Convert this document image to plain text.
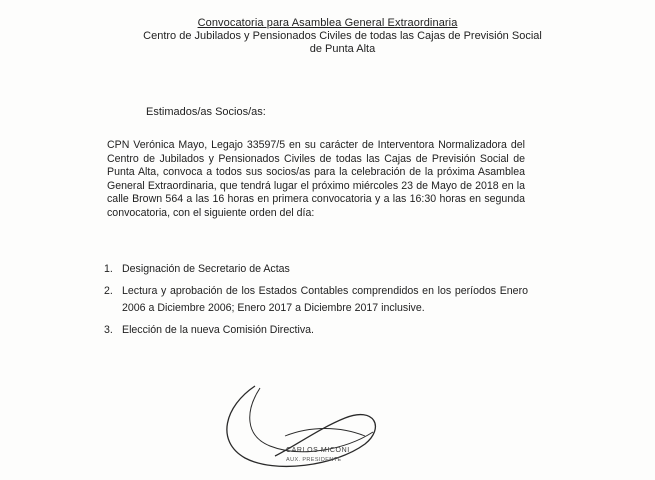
Convocatoria para Asamblea General Extraordinaria
Centro de Jubilados y Pensionados Civiles de todas las Cajas de Previsión Social
de Punta Alta
Estimados/as Socios/as:
CPN Verónica Mayo, Legajo 33597/5 en su carácter de Interventora Normalizadora del Centro de Jubilados y Pensionados Civiles de todas las Cajas de Previsión Social de Punta Alta, convoca a todos sus socios/as para la celebración de la próxima Asamblea General Extraordinaria, que tendrá lugar el próximo miércoles 23 de Mayo de 2018 en la calle Brown 564 a las 16 horas en primera convocatoria y a las 16:30 horas en segunda convocatoria, con el siguiente orden del día:
1. Designación de Secretario de Actas
2. Lectura y aprobación de los Estados Contables comprendidos en los períodos Enero 2006 a Diciembre 2006; Enero 2017 a Diciembre 2017 inclusive.
3. Elección de la nueva Comisión Directiva.
CARLOS MICONI
AUX. PRESIDENTE
